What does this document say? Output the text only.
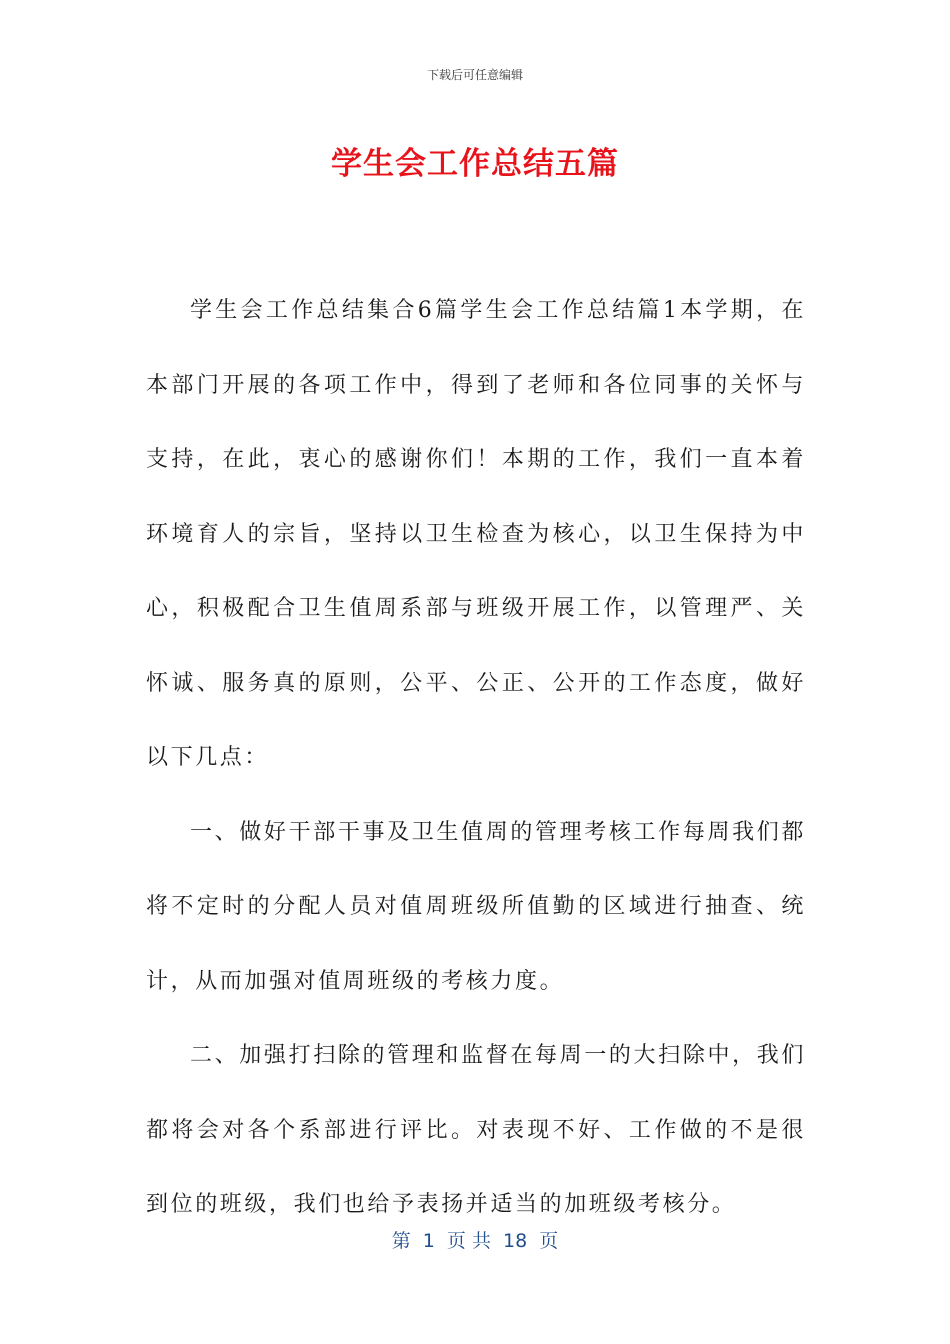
下载后可任意编辑
学生会工作总结五篇

学生会工作总结集合6篇学生会工作总结篇1本学期，在本部门开展的各项工作中，得到了老师和各位同事的关怀与支持，在此，衷心的感谢你们！本期的工作，我们一直本着环境育人的宗旨，坚持以卫生检查为核心，以卫生保持为中心，积极配合卫生值周系部与班级开展工作，以管理严、关怀诚、服务真的原则，公平、公正、公开的工作态度，做好以下几点：

一、做好干部干事及卫生值周的管理考核工作每周我们都将不定时的分配人员对值周班级所值勤的区域进行抽查、统计，从而加强对值周班级的考核力度。

二、加强打扫除的管理和监督在每周一的大扫除中，我们都将会对各个系部进行评比。对表现不好、工作做的不是很到位的班级，我们也给予表扬并适当的加班级考核分。

第  1  页 共  18  页
